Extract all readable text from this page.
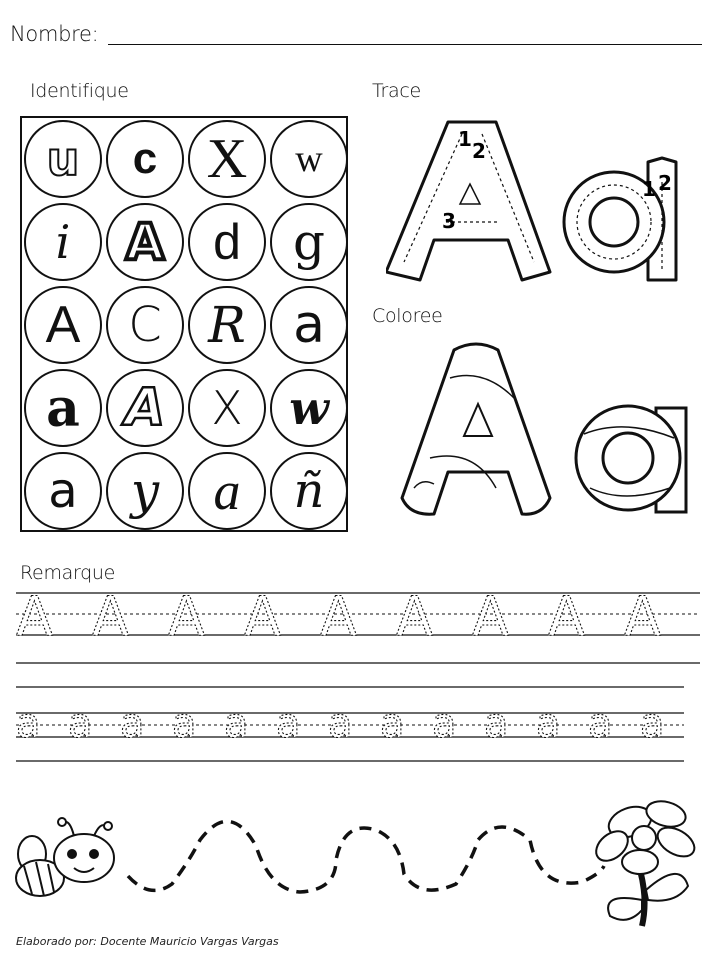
Nombre:
Identifique	Trace
Coloree
Remarque
u c X w
i A d g
A C R a
a A X w
a y a ñ
1 2
3
1 2
A A A A A A A A A
a a a a a a a a a a a a a
Elaborado por: Docente Mauricio Vargas Vargas
